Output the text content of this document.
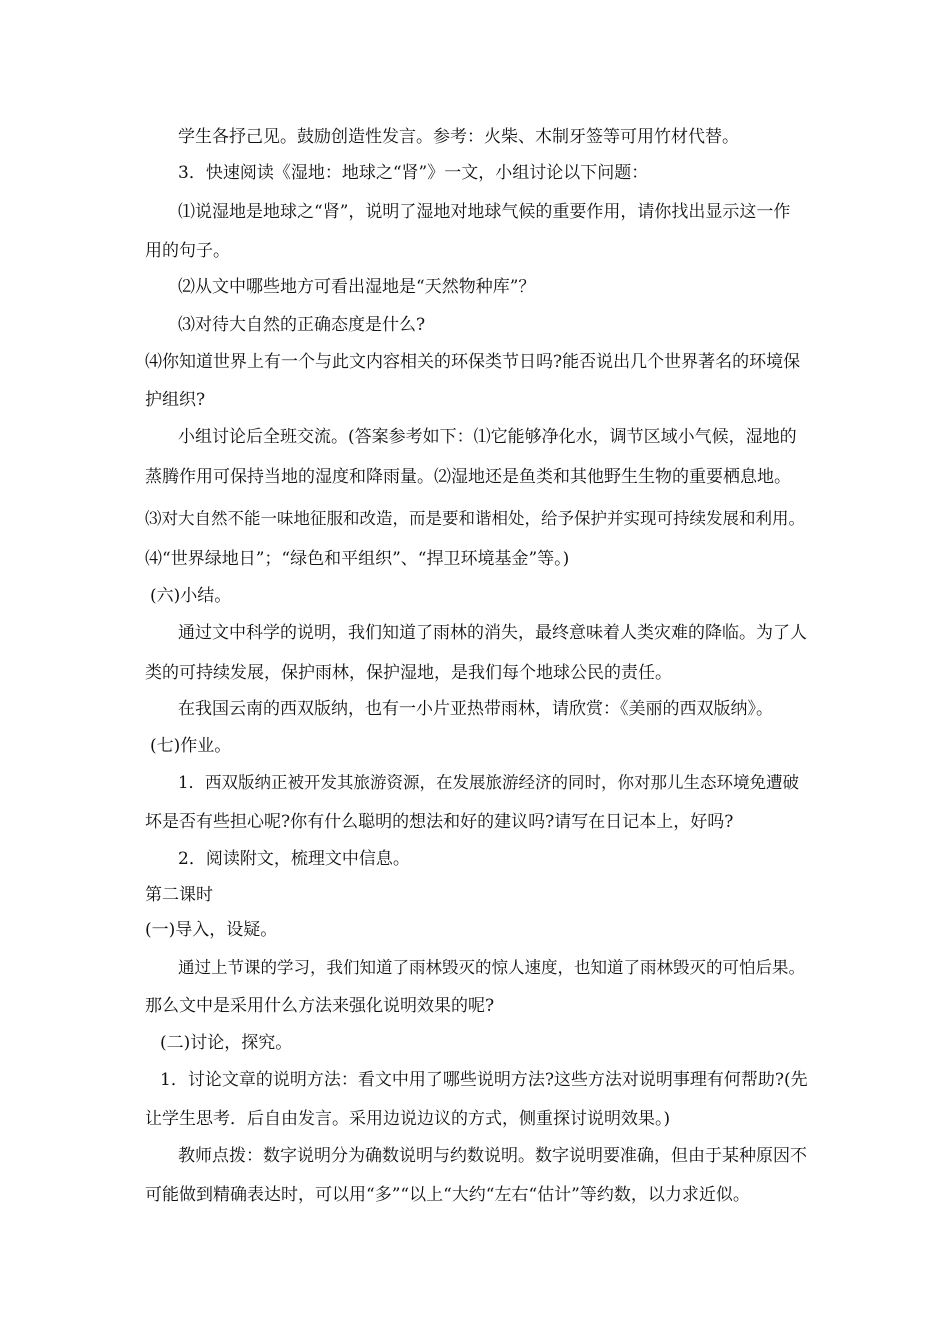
学生各抒己见。鼓励创造性发言。参考：火柴、木制牙签等可用竹材代替。
3．快速阅读《湿地：地球之“肾”》一文，小组讨论以下问题：
⑴说湿地是地球之“肾”，说明了湿地对地球气候的重要作用，请你找出显示这一作
用的句子。
⑵从文中哪些地方可看出湿地是“天然物种库”？
⑶对待大自然的正确态度是什么?
⑷你知道世界上有一个与此文内容相关的环保类节日吗?能否说出几个世界著名的环境保
护组织?
小组讨论后全班交流。(答案参考如下：⑴它能够净化水，调节区域小气候，湿地的
蒸腾作用可保持当地的湿度和降雨量。⑵湿地还是鱼类和其他野生生物的重要栖息地。
⑶对大自然不能一味地征服和改造，而是要和谐相处，给予保护并实现可持续发展和利用。
⑷“世界绿地日”；“绿色和平组织”、“捍卫环境基金”等。)
(六)小结。
通过文中科学的说明，我们知道了雨林的消失，最终意味着人类灾难的降临。为了人
类的可持续发展，保护雨林，保护湿地，是我们每个地球公民的责任。
在我国云南的西双版纳，也有一小片亚热带雨林，请欣赏：《美丽的西双版纳》。
(七)作业。
1．西双版纳正被开发其旅游资源，在发展旅游经济的同时，你对那儿生态环境免遭破
坏是否有些担心呢?你有什么聪明的想法和好的建议吗?请写在日记本上，好吗?
2．阅读附文，梳理文中信息。
第二课时
(一)导入，设疑。
通过上节课的学习，我们知道了雨林毁灭的惊人速度，也知道了雨林毁灭的可怕后果。
那么文中是采用什么方法来强化说明效果的呢?
(二)讨论，探究。
1．讨论文章的说明方法：看文中用了哪些说明方法?这些方法对说明事理有何帮助?(先
让学生思考．后自由发言。采用边说边议的方式，侧重探讨说明效果。)
教师点拨：数字说明分为确数说明与约数说明。数字说明要准确，但由于某种原因不
可能做到精确表达时，可以用“多”“以上“大约“左右“估计”等约数，以力求近似。
